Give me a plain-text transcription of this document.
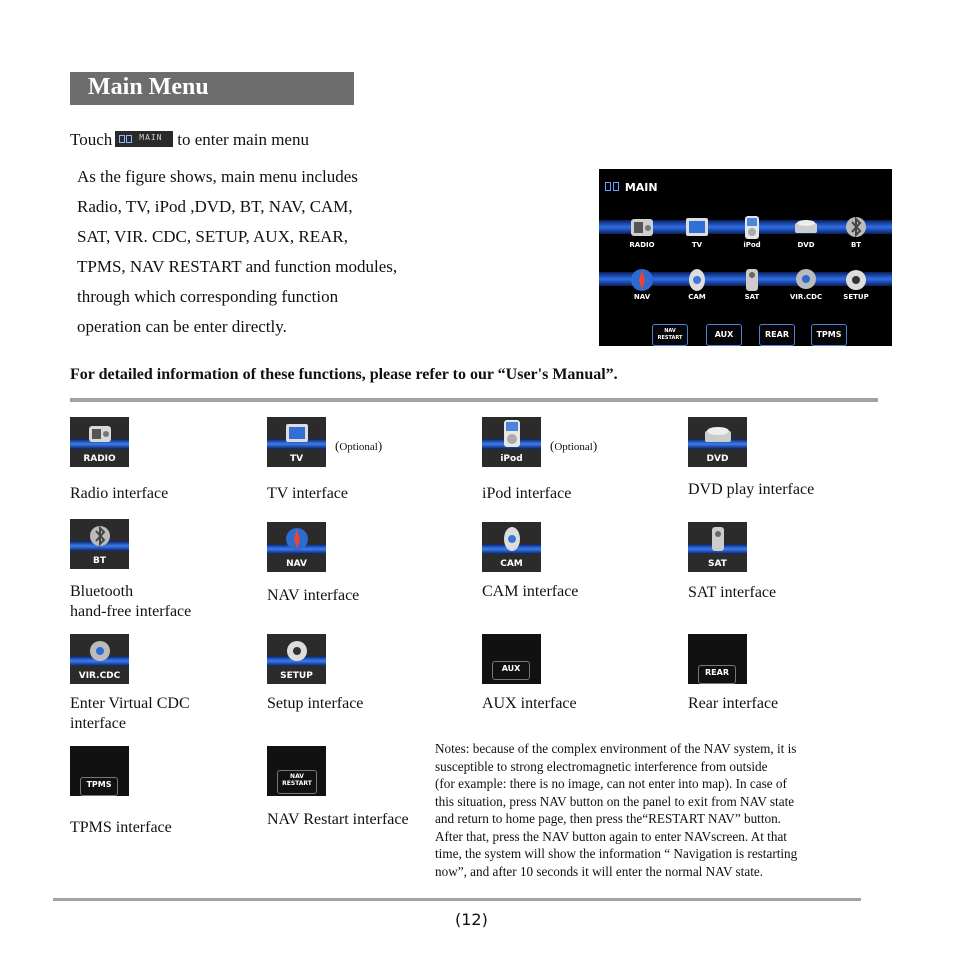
Main Menu
Touch	MAIN to enter main menu
As the figure shows, main menu includes
Radio, TV, iPod ,DVD, BT, NAV, CAM,
SAT, VIR. CDC, SETUP, AUX, REAR,
TPMS, NAV RESTART and function modules,
through which corresponding function
operation can be enter directly.
MAIN
RADIO	TV	iPod	DVD	BT
NAV	CAM	SAT	VIR.CDC	SETUP
NAV
RESTART	AUX	REAR	TPMS
For detailed information of these functions, please refer to our “User's Manual”.
RADIO
Radio interface
TV
(Optional)
TV interface
iPod
(Optional)
iPod interface
DVD
DVD play interface
BT
Bluetooth
hand-free interface
NAV
NAV interface
CAM
CAM interface
SAT
SAT interface
VIR.CDC
Enter Virtual CDC
interface
SETUP
Setup interface
AUX
AUX interface
REAR
Rear interface
TPMS
TPMS interface
NAV
RESTART
NAV Restart interface
Notes: because of the complex environment of the NAV system, it is
susceptible to strong electromagnetic interference from outside
(for example: there is no image, can not enter into map). In case of
this situation, press NAV button on the panel to exit from NAV state
and return to home page, then press the“RESTART NAV” button.
After that, press the NAV button again to enter NAVscreen. At that
time, the system will show the information “ Navigation is restarting
now”, and after 10 seconds it will enter the normal NAV state.
(12)
